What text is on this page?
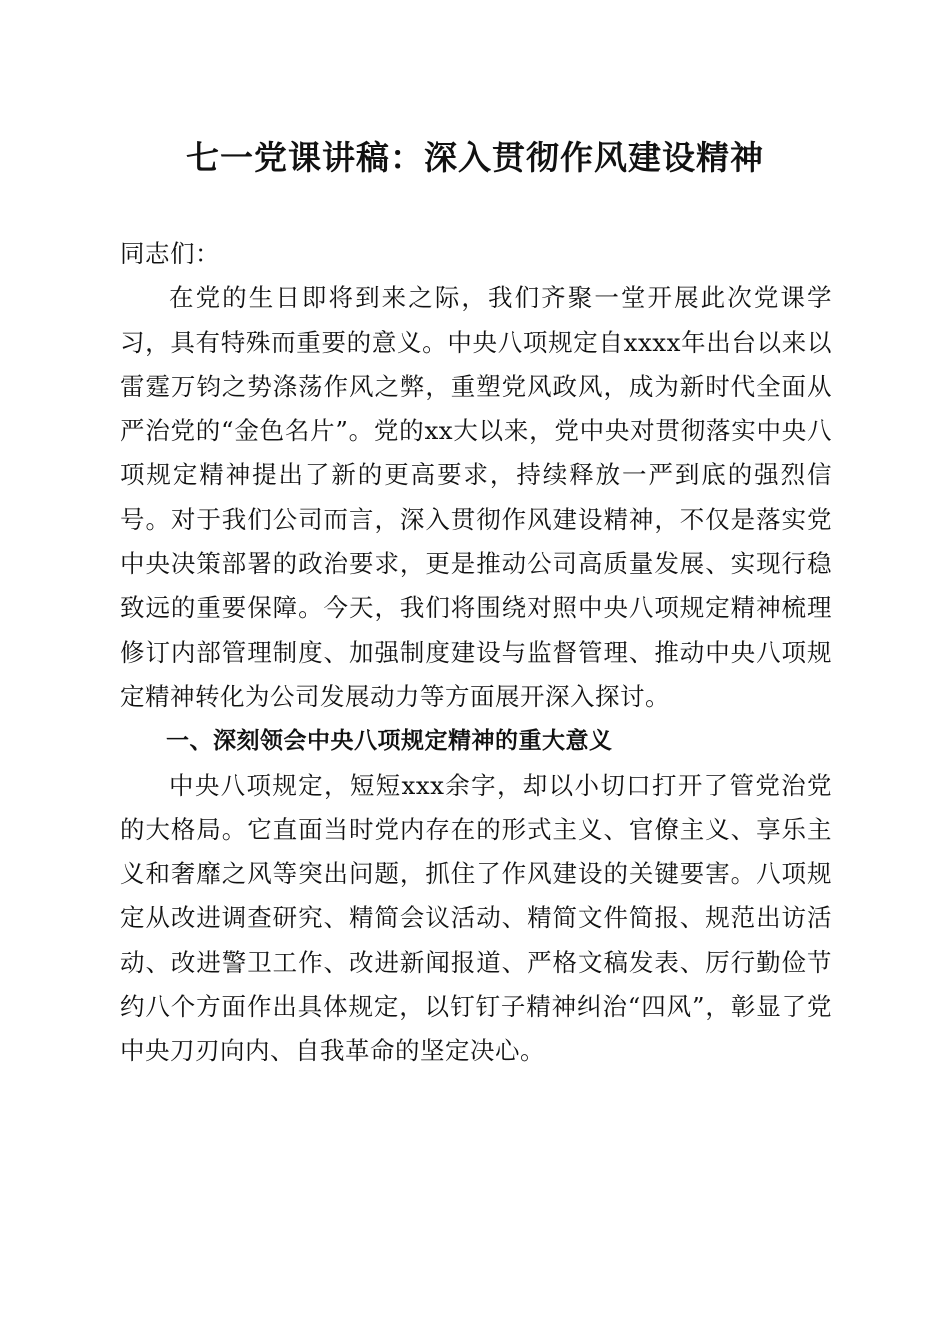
七一党课讲稿：深入贯彻作风建设精神

同志们：

在党的生日即将到来之际，我们齐聚一堂开展此次党课学习，具有特殊而重要的意义。中央八项规定自xxxx年出台以来以雷霆万钧之势涤荡作风之弊，重塑党风政风，成为新时代全面从严治党的“金色名片”。党的xx大以来，党中央对贯彻落实中央八项规定精神提出了新的更高要求，持续释放一严到底的强烈信号。对于我们公司而言，深入贯彻作风建设精神，不仅是落实党中央决策部署的政治要求，更是推动公司高质量发展、实现行稳致远的重要保障。今天，我们将围绕对照中央八项规定精神梳理修订内部管理制度、加强制度建设与监督管理、推动中央八项规定精神转化为公司发展动力等方面展开深入探讨。

一、深刻领会中央八项规定精神的重大意义

中央八项规定，短短xxx余字，却以小切口打开了管党治党的大格局。它直面当时党内存在的形式主义、官僚主义、享乐主义和奢靡之风等突出问题，抓住了作风建设的关键要害。八项规定从改进调查研究、精简会议活动、精简文件简报、规范出访活动、改进警卫工作、改进新闻报道、严格文稿发表、厉行勤俭节约八个方面作出具体规定，以钉钉子精神纠治“四风”，彰显了党中央刀刃向内、自我革命的坚定决心。
